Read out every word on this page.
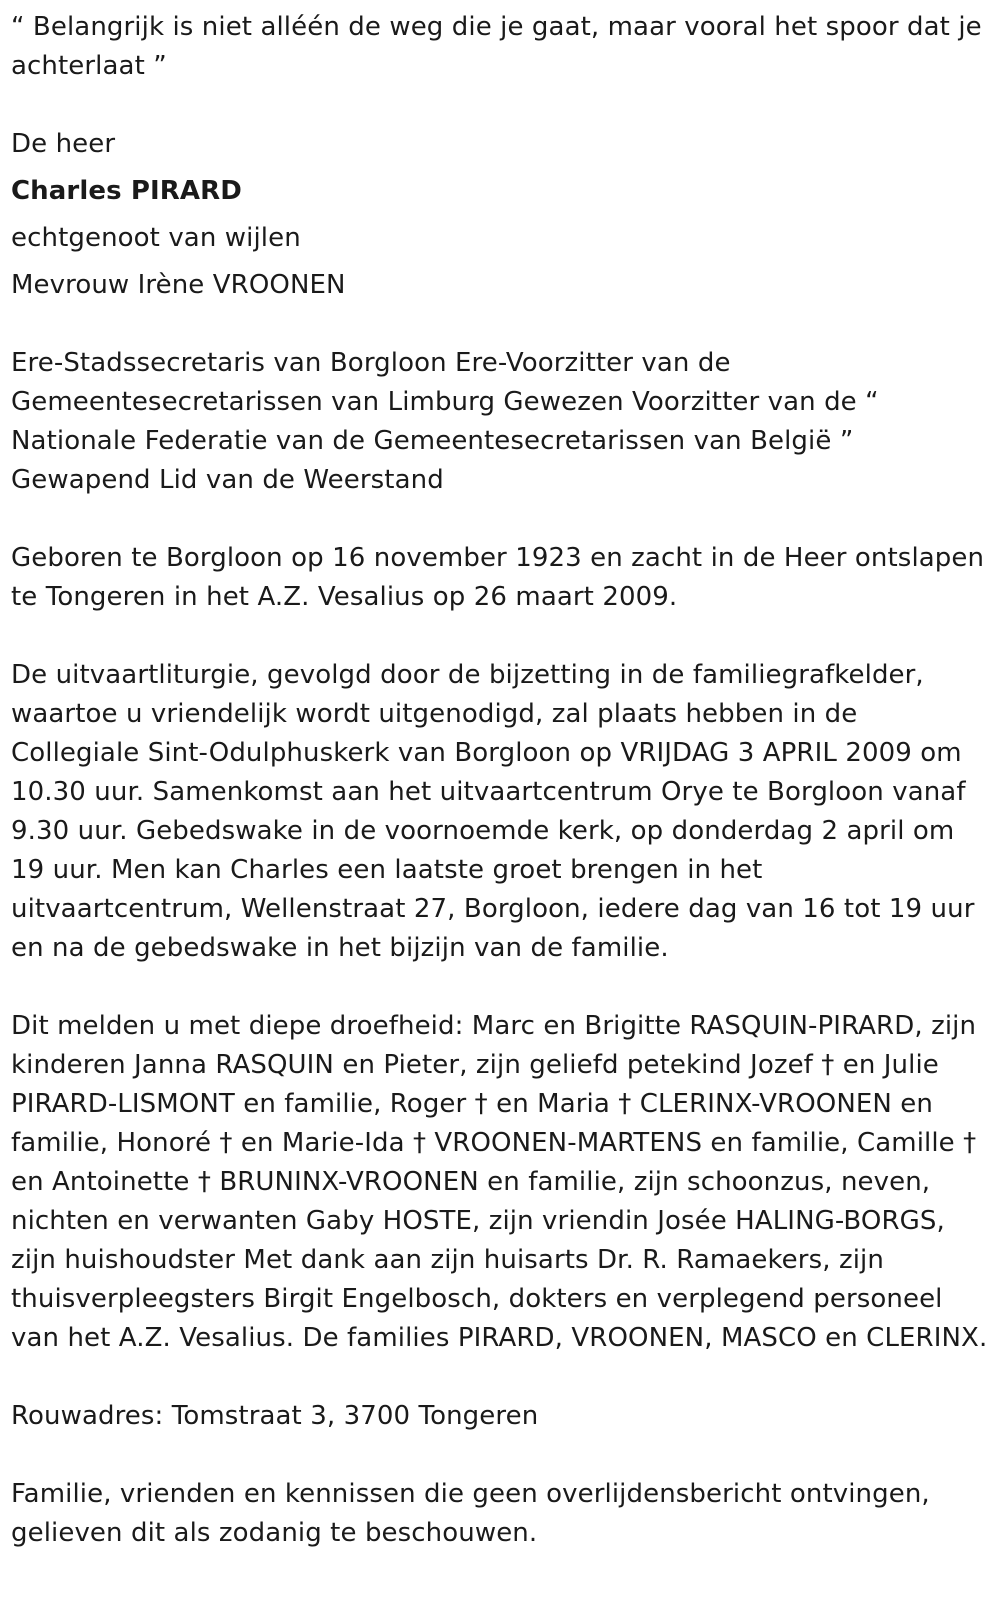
“ Belangrijk is niet alléén de weg die je gaat, maar vooral het spoor dat je achterlaat ”

De heer

Charles PIRARD

echtgenoot van wijlen

Mevrouw Irène VROONEN

Ere-Stadssecretaris van Borgloon Ere-Voorzitter van de Gemeentesecretarissen van Limburg Gewezen Voorzitter van de “ Nationale Federatie van de Gemeentesecretarissen van België ” Gewapend Lid van de Weerstand

Geboren te Borgloon op 16 november 1923 en zacht in de Heer ontslapen te Tongeren in het A.Z. Vesalius op 26 maart 2009.

De uitvaartliturgie, gevolgd door de bijzetting in de familiegrafkelder, waartoe u vriendelijk wordt uitgenodigd, zal plaats hebben in de Collegiale Sint-Odulphuskerk van Borgloon op VRIJDAG 3 APRIL 2009 om 10.30 uur. Samenkomst aan het uitvaartcentrum Orye te Borgloon vanaf 9.30 uur. Gebedswake in de voornoemde kerk, op donderdag 2 april om 19 uur. Men kan Charles een laatste groet brengen in het uitvaartcentrum, Wellenstraat 27, Borgloon, iedere dag van 16 tot 19 uur en na de gebedswake in het bijzijn van de familie.

Dit melden u met diepe droefheid: Marc en Brigitte RASQUIN-PIRARD, zijn kinderen Janna RASQUIN en Pieter, zijn geliefd petekind Jozef † en Julie PIRARD-LISMONT en familie, Roger † en Maria † CLERINX-VROONEN en familie, Honoré † en Marie-Ida † VROONEN-MARTENS en familie, Camille † en Antoinette † BRUNINX-VROONEN en familie, zijn schoonzus, neven, nichten en verwanten Gaby HOSTE, zijn vriendin Josée HALING-BORGS, zijn huishoudster Met dank aan zijn huisarts Dr. R. Ramaekers, zijn thuisverpleegsters Birgit Engelbosch, dokters en verplegend personeel van het A.Z. Vesalius. De families PIRARD, VROONEN, MASCO en CLERINX.

Rouwadres: Tomstraat 3, 3700 Tongeren

Familie, vrienden en kennissen die geen overlijdensbericht ontvingen, gelieven dit als zodanig te beschouwen.
